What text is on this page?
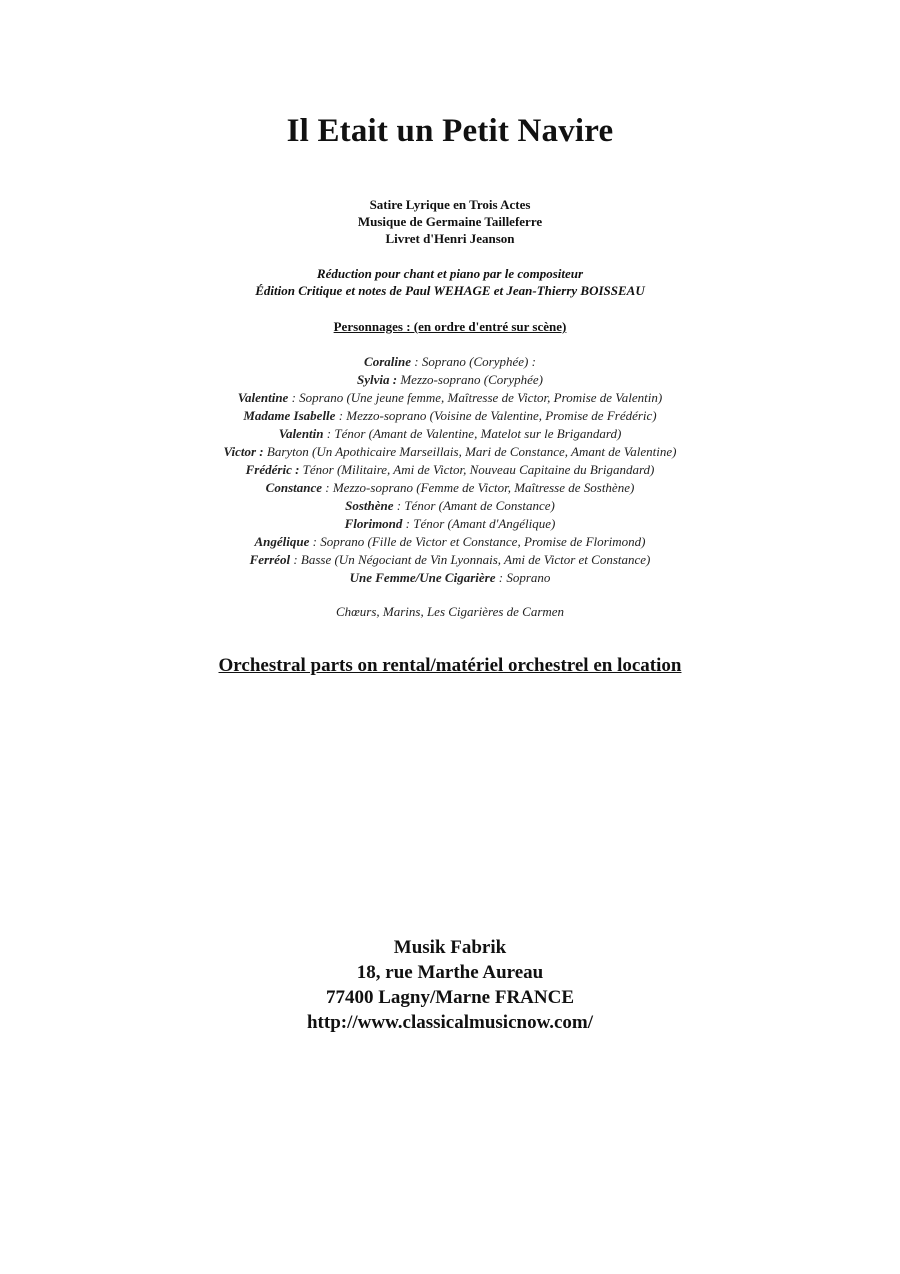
Il Etait un Petit Navire
Satire Lyrique en Trois Actes
Musique de Germaine Tailleferre
Livret d'Henri Jeanson
Réduction pour chant et piano par le compositeur
Édition Critique et notes de Paul WEHAGE et Jean-Thierry BOISSEAU
Personnages : (en ordre d'entré sur scène)
Coraline : Soprano (Coryphée) :
Sylvia : Mezzo-soprano (Coryphée)
Valentine : Soprano (Une jeune femme, Maîtresse de Victor, Promise de Valentin)
Madame Isabelle : Mezzo-soprano (Voisine de Valentine, Promise de Frédéric)
Valentin : Ténor (Amant de Valentine, Matelot sur le Brigandard)
Victor : Baryton (Un Apothicaire Marseillais, Mari de Constance, Amant de Valentine)
Frédéric : Ténor (Militaire, Ami de Victor, Nouveau Capitaine du Brigandard)
Constance : Mezzo-soprano (Femme de Victor, Maîtresse de Sosthène)
Sosthène : Ténor (Amant de Constance)
Florimond : Ténor (Amant d'Angélique)
Angélique : Soprano (Fille de Victor et Constance, Promise de Florimond)
Ferréol : Basse (Un Négociant de Vin Lyonnais, Ami de Victor et Constance)
Une Femme/Une Cigarière : Soprano
Chœurs, Marins, Les Cigarières de Carmen
Orchestral parts on rental/matériel orchestrel en location
Musik Fabrik
18, rue Marthe Aureau
77400 Lagny/Marne FRANCE
http://www.classicalmusicnow.com/
